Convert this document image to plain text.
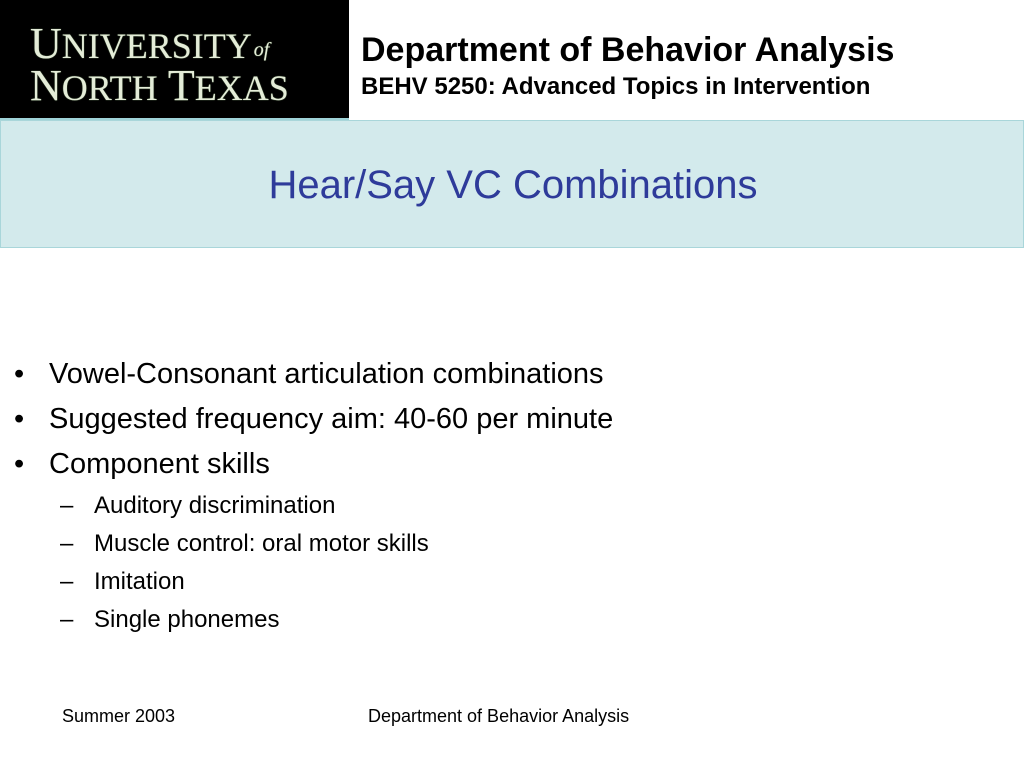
UNIVERSITY of
NORTH TEXAS
Department of Behavior Analysis
BEHV 5250: Advanced Topics in Intervention
Hear/Say VC Combinations
• Vowel-Consonant articulation combinations
• Suggested frequency aim: 40-60 per minute
• Component skills
– Auditory discrimination
– Muscle control: oral motor skills
– Imitation
– Single phonemes
Summer 2003	Department of Behavior Analysis
